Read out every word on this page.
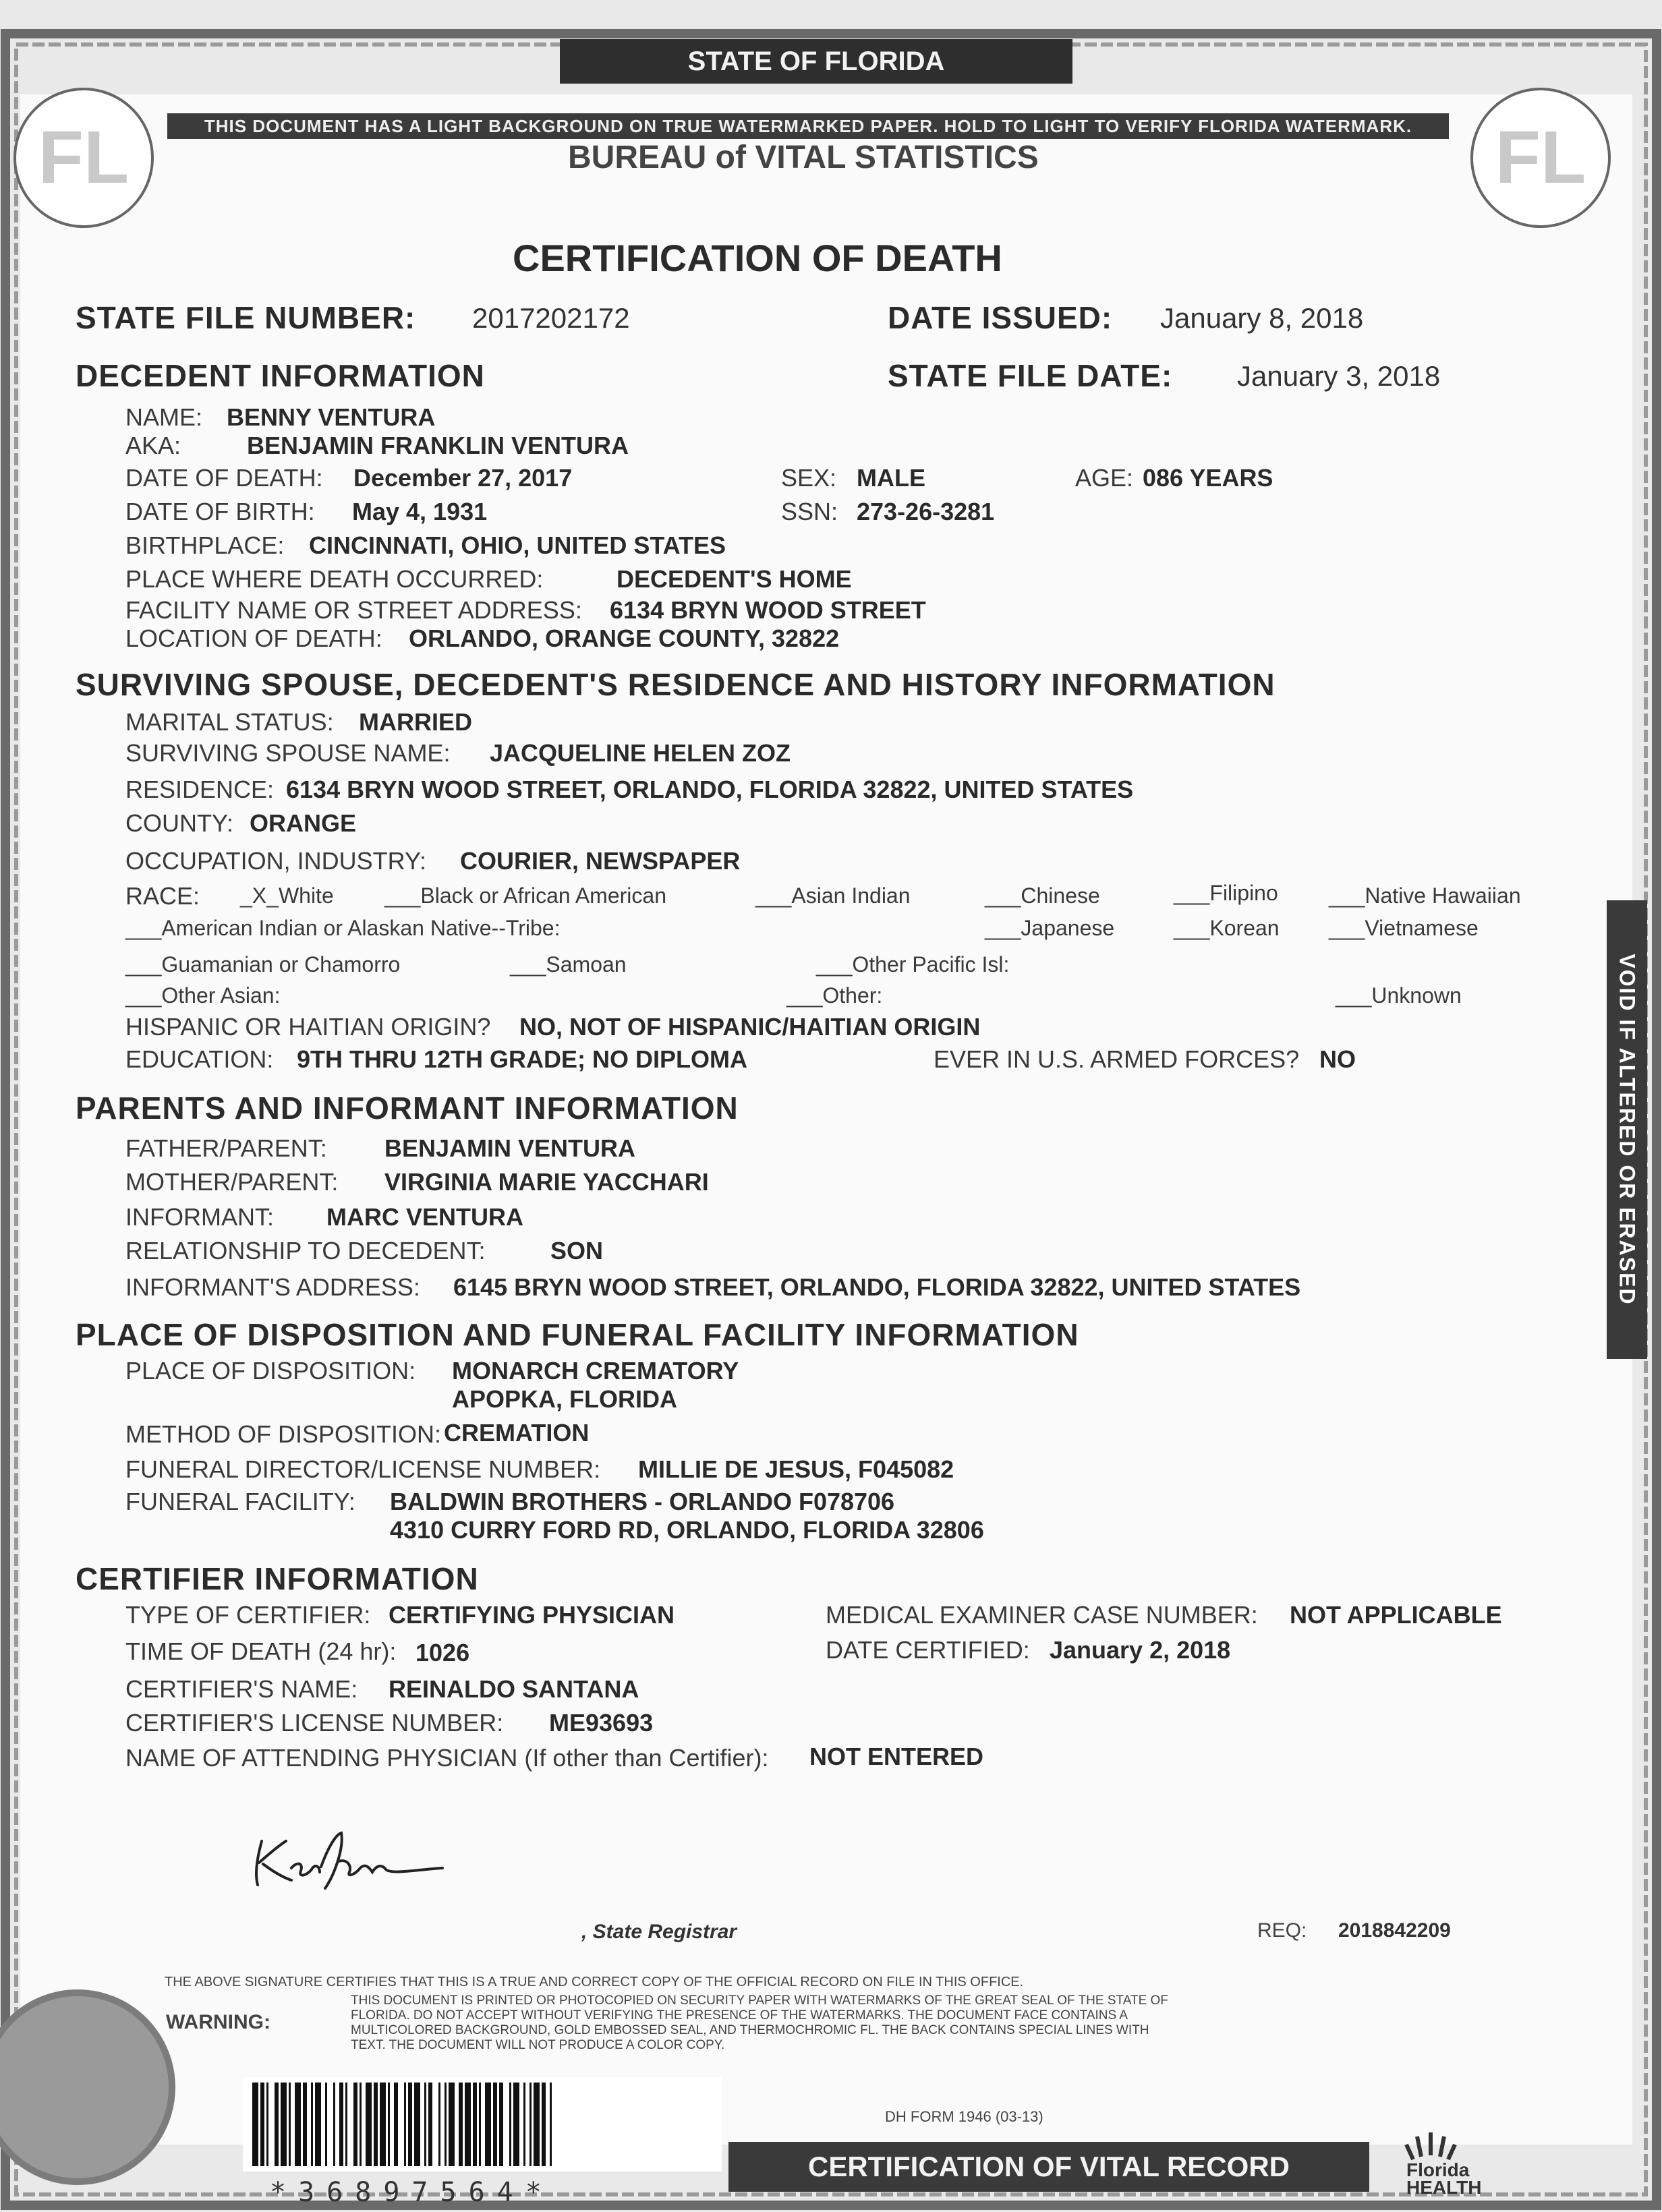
STATE OF FLORIDA
THIS DOCUMENT HAS A LIGHT BACKGROUND ON TRUE WATERMARKED PAPER. HOLD TO LIGHT TO VERIFY FLORIDA WATERMARK.
FL	FL
BUREAU of VITAL STATISTICS
CERTIFICATION OF DEATH
STATE FILE NUMBER: 2017202172	DATE ISSUED: January 8, 2018
DECEDENT INFORMATION	STATE FILE DATE: January 3, 2018
NAME: BENNY VENTURA
AKA:	BENJAMIN FRANKLIN VENTURA
DATE OF DEATH: December 27, 2017	SEX: MALE	AGE: 086 YEARS
DATE OF BIRTH: May 4, 1931	SSN: 273-26-3281
BIRTHPLACE: CINCINNATI, OHIO, UNITED STATES
PLACE WHERE DEATH OCCURRED:	DECEDENT'S HOME
FACILITY NAME OR STREET ADDRESS: 6134 BRYN WOOD STREET
LOCATION OF DEATH: ORLANDO, ORANGE COUNTY, 32822
SURVIVING SPOUSE, DECEDENT'S RESIDENCE AND HISTORY INFORMATION
MARITAL STATUS: MARRIED
SURVIVING SPOUSE NAME: JACQUELINE HELEN ZOZ
RESIDENCE: 6134 BRYN WOOD STREET, ORLANDO, FLORIDA 32822, UNITED STATES
COUNTY: ORANGE
OCCUPATION, INDUSTRY: COURIER, NEWSPAPER
RACE: _X_White ___Black or African American	___Asian Indian	___Chinese	___Filipino ___Native Hawaiian
___American Indian or Alaskan Native--Tribe:	___Japanese	___Korean ___Vietnamese
___Guamanian or Chamorro	___Samoan	___Other Pacific Isl:
___Other Asian:	___Other:	___Unknown
HISPANIC OR HAITIAN ORIGIN? NO, NOT OF HISPANIC/HAITIAN ORIGIN
EDUCATION: 9TH THRU 12TH GRADE; NO DIPLOMA	EVER IN U.S. ARMED FORCES? NO
PARENTS AND INFORMANT INFORMATION
FATHER/PARENT: BENJAMIN VENTURA
MOTHER/PARENT: VIRGINIA MARIE YACCHARI
INFORMANT: MARC VENTURA
RELATIONSHIP TO DECEDENT:	SON
INFORMANT'S ADDRESS: 6145 BRYN WOOD STREET, ORLANDO, FLORIDA 32822, UNITED STATES
PLACE OF DISPOSITION AND FUNERAL FACILITY INFORMATION
PLACE OF DISPOSITION: MONARCH CREMATORY
APOPKA, FLORIDA
METHOD OF DISPOSITION: CREMATION
FUNERAL DIRECTOR/LICENSE NUMBER: MILLIE DE JESUS, F045082
FUNERAL FACILITY: BALDWIN BROTHERS - ORLANDO F078706
4310 CURRY FORD RD, ORLANDO, FLORIDA 32806
CERTIFIER INFORMATION
TYPE OF CERTIFIER: CERTIFYING PHYSICIAN	MEDICAL EXAMINER CASE NUMBER: NOT APPLICABLE
TIME OF DEATH (24 hr): 1026	DATE CERTIFIED: January 2, 2018
CERTIFIER'S NAME: REINALDO SANTANA
CERTIFIER'S LICENSE NUMBER: ME93693
NAME OF ATTENDING PHYSICIAN (If other than Certifier): NOT ENTERED
, State Registrar	REQ: 2018842209
THE ABOVE SIGNATURE CERTIFIES THAT THIS IS A TRUE AND CORRECT COPY OF THE OFFICIAL RECORD ON FILE IN THIS OFFICE.
WARNING:
THIS DOCUMENT IS PRINTED OR PHOTOCOPIED ON SECURITY PAPER WITH WATERMARKS OF THE GREAT SEAL OF THE STATE OF FLORIDA. DO NOT ACCEPT WITHOUT VERIFYING THE PRESENCE OF THE WATERMARKS. THE DOCUMENT FACE CONTAINS A MULTICOLORED BACKGROUND, GOLD EMBOSSED SEAL, AND THERMOCHROMIC FL. THE BACK CONTAINS SPECIAL LINES WITH TEXT. THE DOCUMENT WILL NOT PRODUCE A COLOR COPY.
*36897564*
DH FORM 1946 (03-13)
CERTIFICATION OF VITAL RECORD	Florida
HEALTH
VOID IF ALTERED OR ERASED
